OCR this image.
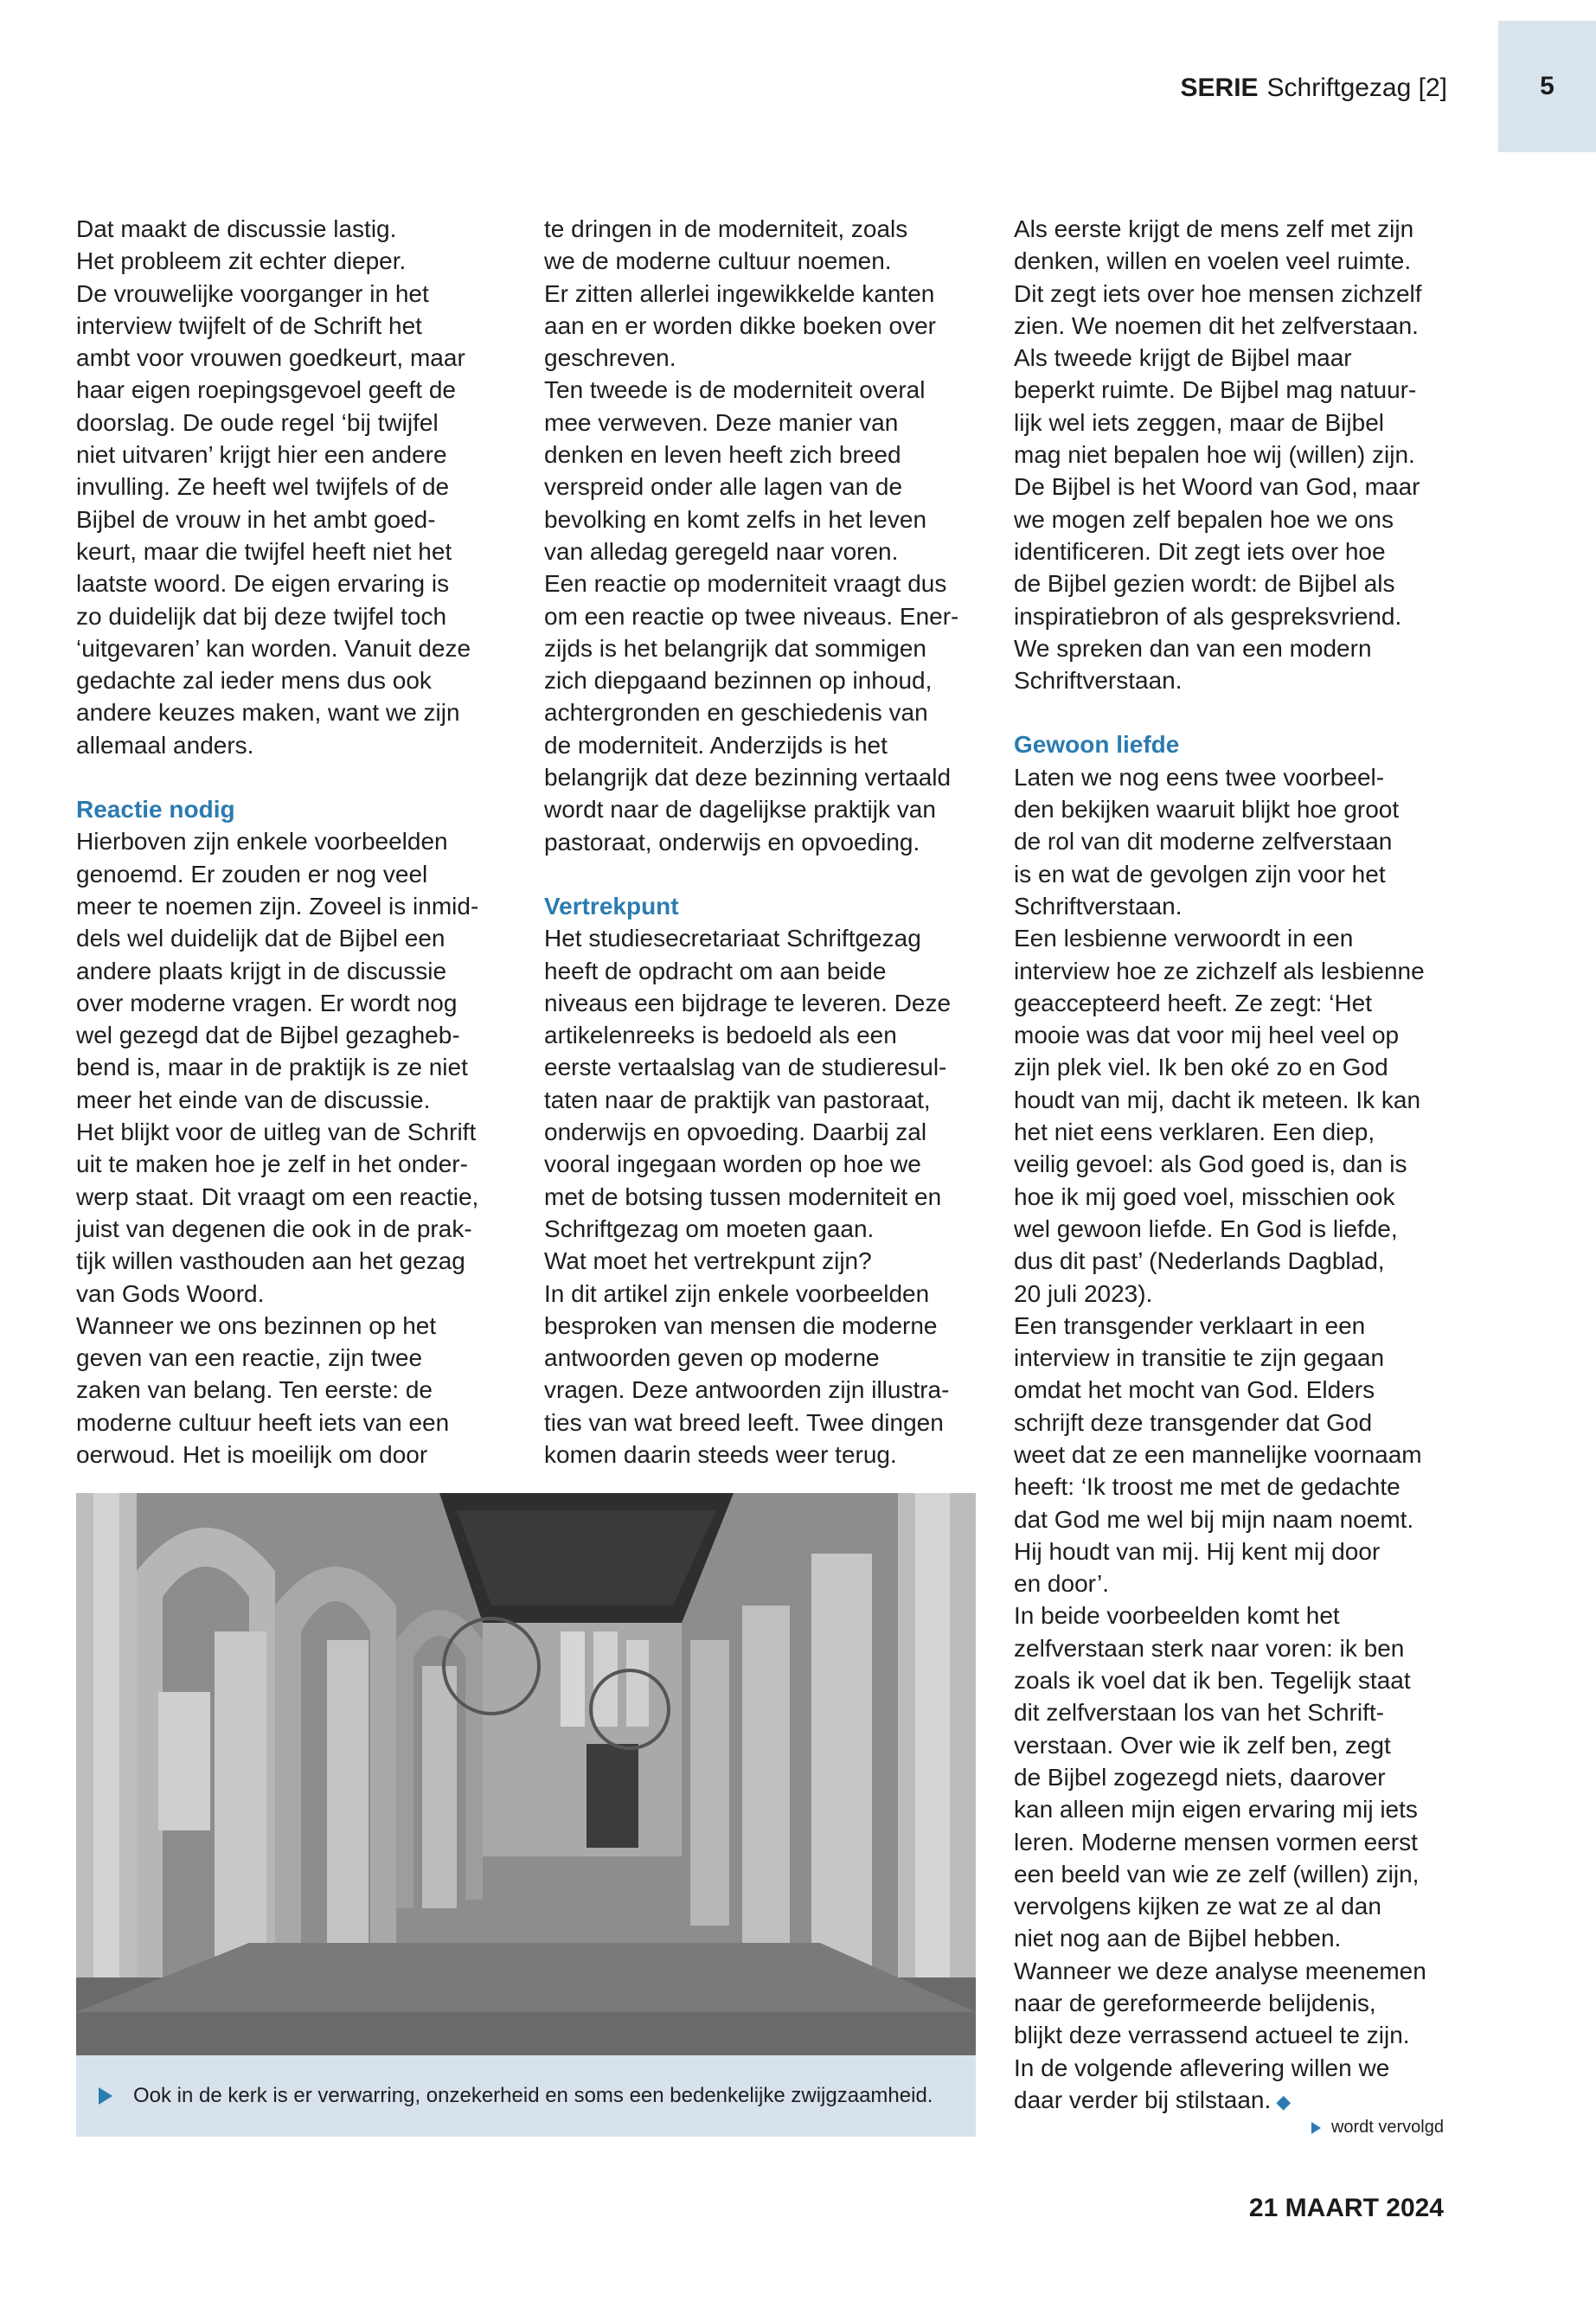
5
SERIE Schriftgezag [2]

Dat maakt de discussie lastig.

Het probleem zit echter dieper.

De vrouwelijke voorganger in het

interview twijfelt of de Schrift het

ambt voor vrouwen goedkeurt, maar

haar eigen roepingsgevoel geeft de

doorslag. De oude regel ‘bij twijfel

niet uitvaren’ krijgt hier een andere

invulling. Ze heeft wel twijfels of de

Bijbel de vrouw in het ambt goed-

keurt, maar die twijfel heeft niet het

laatste woord. De eigen ervaring is

zo duidelijk dat bij deze twijfel toch

‘uitgevaren’ kan worden. Vanuit deze

gedachte zal ieder mens dus ook

andere keuzes maken, want we zijn

allemaal anders.

Reactie nodig

Hierboven zijn enkele voorbeelden

genoemd. Er zouden er nog veel

meer te noemen zijn. Zoveel is inmid-

dels wel duidelijk dat de Bijbel een

andere plaats krijgt in de discussie

over moderne vragen. Er wordt nog

wel gezegd dat de Bijbel gezagheb-

bend is, maar in de praktijk is ze niet

meer het einde van de discussie.

Het blijkt voor de uitleg van de Schrift

uit te maken hoe je zelf in het onder-

werp staat. Dit vraagt om een reactie,

juist van degenen die ook in de prak-

tijk willen vasthouden aan het gezag

van Gods Woord.

Wanneer we ons bezinnen op het

geven van een reactie, zijn twee

zaken van belang. Ten eerste: de

moderne cultuur heeft iets van een

oerwoud. Het is moeilijk om door

te dringen in de moderniteit, zoals

we de moderne cultuur noemen.

Er zitten allerlei ingewikkelde kanten

aan en er worden dikke boeken over

geschreven.

Ten tweede is de moderniteit overal

mee verweven. Deze manier van

denken en leven heeft zich breed

verspreid onder alle lagen van de

bevolking en komt zelfs in het leven

van alledag geregeld naar voren.

Een reactie op moderniteit vraagt dus

om een reactie op twee niveaus. Ener-

zijds is het belangrijk dat sommigen

zich diepgaand bezinnen op inhoud,

achtergronden en geschiedenis van

de moderniteit. Anderzijds is het

belangrijk dat deze bezinning vertaald

wordt naar de dagelijkse praktijk van

pastoraat, onderwijs en opvoeding.

Vertrekpunt

Het studiesecretariaat Schriftgezag

heeft de opdracht om aan beide

niveaus een bijdrage te leveren. Deze

artikelenreeks is bedoeld als een

eerste vertaalslag van de studieresul-

taten naar de praktijk van pastoraat,

onderwijs en opvoeding. Daarbij zal

vooral ingegaan worden op hoe we

met de botsing tussen moderniteit en

Schriftgezag om moeten gaan.

Wat moet het vertrekpunt zijn?

In dit artikel zijn enkele voorbeelden

besproken van mensen die moderne

antwoorden geven op moderne

vragen. Deze antwoorden zijn illustra-

ties van wat breed leeft. Twee dingen

komen daarin steeds weer terug.

Als eerste krijgt de mens zelf met zijn

denken, willen en voelen veel ruimte.

Dit zegt iets over hoe mensen zichzelf

zien. We noemen dit het zelfverstaan.

Als tweede krijgt de Bijbel maar

beperkt ruimte. De Bijbel mag natuur-

lijk wel iets zeggen, maar de Bijbel

mag niet bepalen hoe wij (willen) zijn.

De Bijbel is het Woord van God, maar

we mogen zelf bepalen hoe we ons

identificeren. Dit zegt iets over hoe

de Bijbel gezien wordt: de Bijbel als

inspiratiebron of als gespreksvriend.

We spreken dan van een modern

Schriftverstaan.

Gewoon liefde

Laten we nog eens twee voorbeel-

den bekijken waaruit blijkt hoe groot

de rol van dit moderne zelfverstaan

is en wat de gevolgen zijn voor het

Schriftverstaan.

Een lesbienne verwoordt in een

interview hoe ze zichzelf als lesbienne

geaccepteerd heeft. Ze zegt: ‘Het

mooie was dat voor mij heel veel op

zijn plek viel. Ik ben oké zo en God

houdt van mij, dacht ik meteen. Ik kan

het niet eens verklaren. Een diep,

veilig gevoel: als God goed is, dan is

hoe ik mij goed voel, misschien ook

wel gewoon liefde. En God is liefde,

dus dit past’ (Nederlands Dagblad,

20 juli 2023).

Een transgender verklaart in een

interview in transitie te zijn gegaan

omdat het mocht van God. Elders

schrijft deze transgender dat God

weet dat ze een mannelijke voornaam

heeft: ‘Ik troost me met de gedachte

dat God me wel bij mijn naam noemt.

Hij houdt van mij. Hij kent mij door

en door’.

In beide voorbeelden komt het

zelfverstaan sterk naar voren: ik ben

zoals ik voel dat ik ben. Tegelijk staat

dit zelfverstaan los van het Schrift-

verstaan. Over wie ik zelf ben, zegt

de Bijbel zogezegd niets, daarover

kan alleen mijn eigen ervaring mij iets

leren. Moderne mensen vormen eerst

een beeld van wie ze zelf (willen) zijn,

vervolgens kijken ze wat ze al dan

niet nog aan de Bijbel hebben.

Wanneer we deze analyse meenemen

naar de gereformeerde belijdenis,

blijkt deze verrassend actueel te zijn.

In de volgende aflevering willen we

daar verder bij stilstaan. ◆

Ook in de kerk is er verwarring, onzekerheid en soms een bedenkelijke zwijgzaamheid.
wordt vervolgd
21 MAART 2024
